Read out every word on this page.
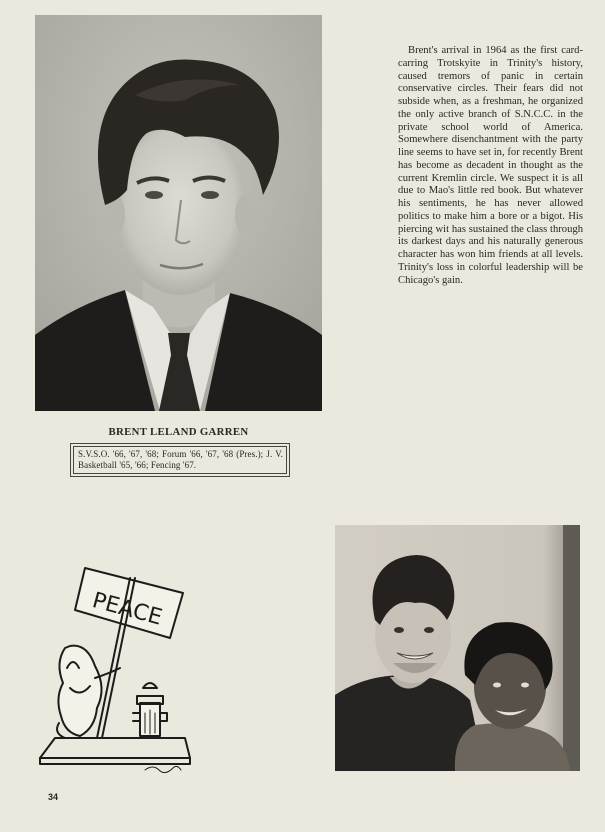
Brent's arrival in 1964 as the first card-carring Trotskyite in Trinity's history, caused tremors of panic in certain conservative circles. Their fears did not subside when, as a freshman, he organized the only active branch of S.N.C.C. in the private school world of America. Somewhere disenchantment with the party line seems to have set in, for recently Brent has become as decadent in thought as the current Kremlin circle. We suspect it is all due to Mao's little red book. But whatever his sentiments, he has never allowed politics to make him a bore or a bigot. His piercing wit has sustained the class through its darkest days and his naturally generous character has won him friends at all levels. Trinity's loss in colorful leadership will be Chicago's gain.

BRENT LELAND GARREN

S.V.S.O. '66, '67, '68; Forum '66, '67, '68 (Pres.); J. V. Basketball '65, '66; Fencing '67.

PEACE

34
